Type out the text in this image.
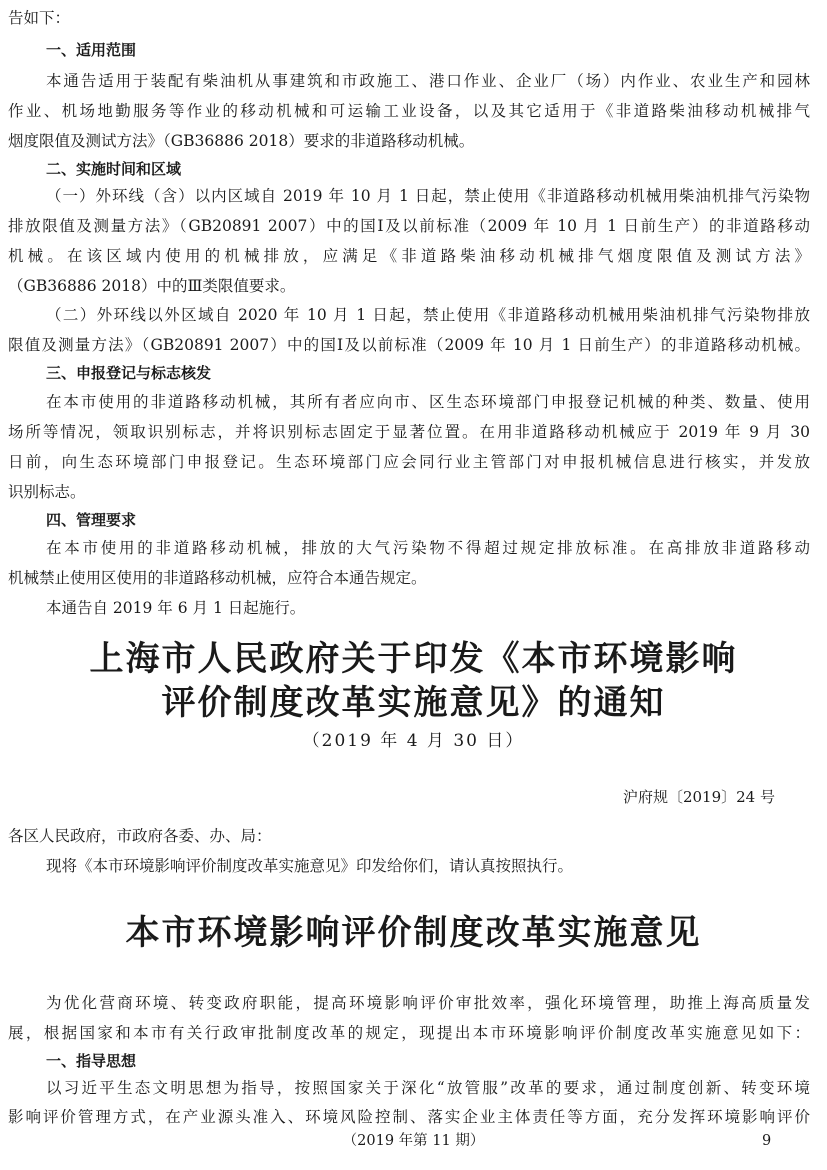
告如下：
一、适用范围
本通告适用于装配有柴油机从事建筑和市政施工、港口作业、企业厂（场）内作业、农业生产和园林
作业、机场地勤服务等作业的移动机械和可运输工业设备，以及其它适用于《非道路柴油移动机械排气
烟度限值及测试方法》（GB36886 2018）要求的非道路移动机械。
二、实施时间和区域
（一）外环线（含）以内区域自 2019 年 10 月 1 日起，禁止使用《非道路移动机械用柴油机排气污染物
排放限值及测量方法》（GB20891 2007）中的国Ⅰ及以前标准（2009 年 10 月 1 日前生产）的非道路移动
机械。在该区域内使用的机械排放，应满足《非道路柴油移动机械排气烟度限值及测试方法》
（GB36886 2018）中的Ⅲ类限值要求。
（二）外环线以外区域自 2020 年 10 月 1 日起，禁止使用《非道路移动机械用柴油机排气污染物排放
限值及测量方法》（GB20891 2007）中的国Ⅰ及以前标准（2009 年 10 月 1 日前生产）的非道路移动机械。
三、申报登记与标志核发
在本市使用的非道路移动机械，其所有者应向市、区生态环境部门申报登记机械的种类、数量、使用
场所等情况，领取识别标志，并将识别标志固定于显著位置。在用非道路移动机械应于 2019 年 9 月 30
日前，向生态环境部门申报登记。生态环境部门应会同行业主管部门对申报机械信息进行核实，并发放
识别标志。
四、管理要求
在本市使用的非道路移动机械，排放的大气污染物不得超过规定排放标准。在高排放非道路移动
机械禁止使用区使用的非道路移动机械，应符合本通告规定。
本通告自 2019 年 6 月 1 日起施行。
上海市人民政府关于印发《本市环境影响
评价制度改革实施意见》的通知
（2019 年 4 月 30 日）
沪府规〔2019〕24 号
各区人民政府，市政府各委、办、局：
现将《本市环境影响评价制度改革实施意见》印发给你们，请认真按照执行。
本市环境影响评价制度改革实施意见
为优化营商环境、转变政府职能，提高环境影响评价审批效率，强化环境管理，助推上海高质量发
展，根据国家和本市有关行政审批制度改革的规定，现提出本市环境影响评价制度改革实施意见如下：
一、指导思想
以习近平生态文明思想为指导，按照国家关于深化“放管服”改革的要求，通过制度创新、转变环境
影响评价管理方式，在产业源头准入、环境风险控制、落实企业主体责任等方面，充分发挥环境影响评价
（2019 年第 11 期）	9
